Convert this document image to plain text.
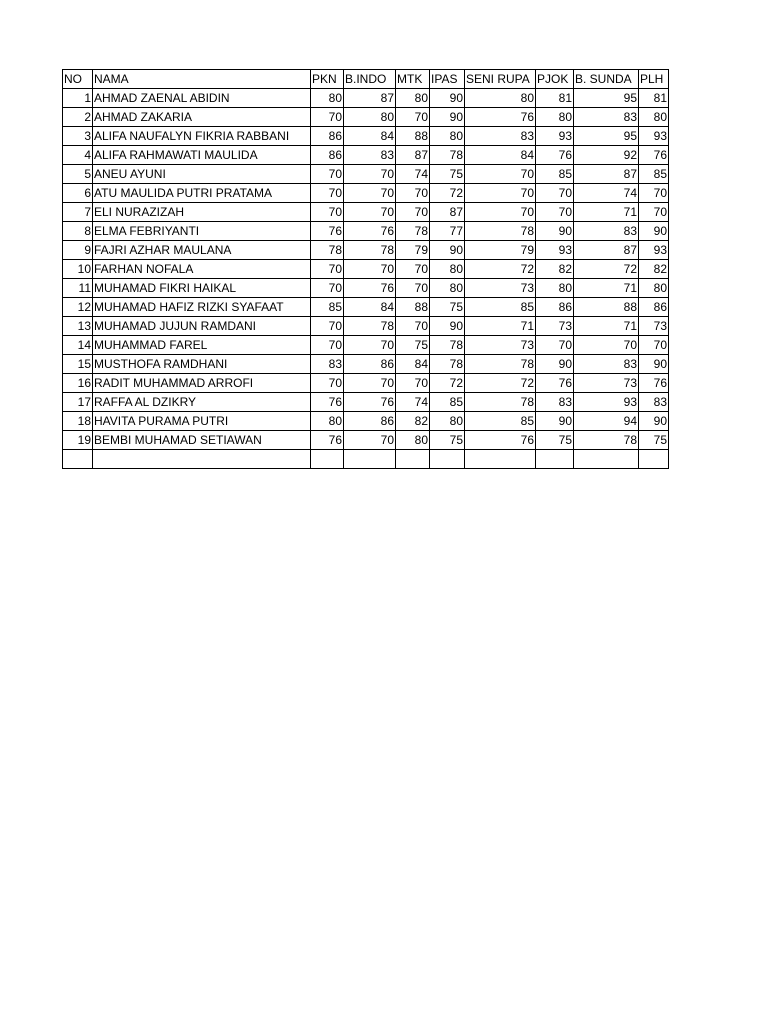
NO	NAMA	PKN	B.INDO	MTK	IPAS	SENI RUPA	PJOK	B. SUNDA	PLH
1	AHMAD ZAENAL ABIDIN	80	87	80	90	80	81	95	81
2	AHMAD ZAKARIA	70	80	70	90	76	80	83	80
3	ALIFA NAUFALYN FIKRIA RABBANI	86	84	88	80	83	93	95	93
4	ALIFA RAHMAWATI MAULIDA	86	83	87	78	84	76	92	76
5	ANEU AYUNI	70	70	74	75	70	85	87	85
6	ATU MAULIDA PUTRI PRATAMA	70	70	70	72	70	70	74	70
7	ELI NURAZIZAH	70	70	70	87	70	70	71	70
8	ELMA FEBRIYANTI	76	76	78	77	78	90	83	90
9	FAJRI AZHAR MAULANA	78	78	79	90	79	93	87	93
10	FARHAN NOFALA	70	70	70	80	72	82	72	82
11	MUHAMAD FIKRI HAIKAL	70	76	70	80	73	80	71	80
12	MUHAMAD HAFIZ RIZKI SYAFAAT	85	84	88	75	85	86	88	86
13	MUHAMAD JUJUN RAMDANI	70	78	70	90	71	73	71	73
14	MUHAMMAD FAREL	70	70	75	78	73	70	70	70
15	MUSTHOFA RAMDHANI	83	86	84	78	78	90	83	90
16	RADIT MUHAMMAD ARROFI	70	70	70	72	72	76	73	76
17	RAFFA AL DZIKRY	76	76	74	85	78	83	93	83
18	HAVITA PURAMA PUTRI	80	86	82	80	85	90	94	90
19	BEMBI MUHAMAD SETIAWAN	76	70	80	75	76	75	78	75
